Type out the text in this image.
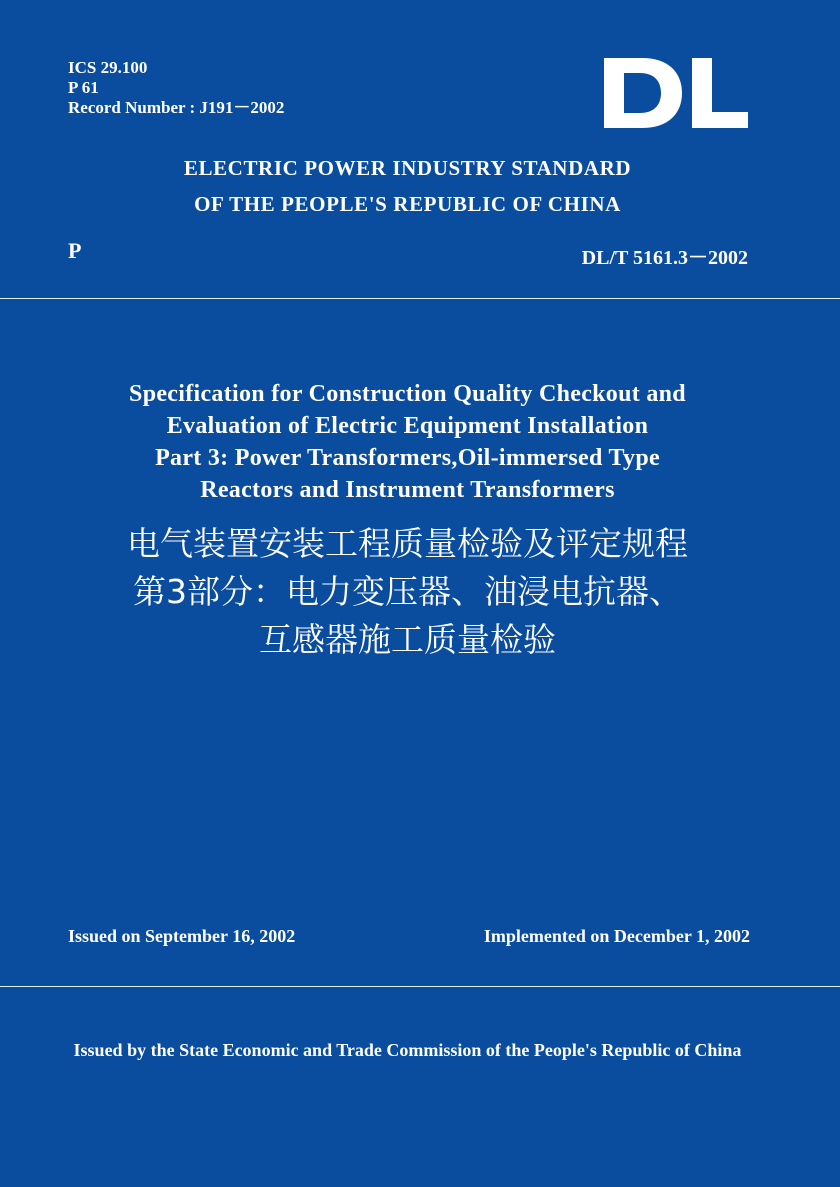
ICS 29.100
P 61
Record Number : J191－2002
ELECTRIC POWER INDUSTRY STANDARD
OF THE PEOPLE'S REPUBLIC OF CHINA
P	DL/T 5161.3－2002
Specification for Construction Quality Checkout and
Evaluation of Electric Equipment Installation
Part 3: Power Transformers,Oil-immersed Type
Reactors and Instrument Transformers
电气装置安装工程质量检验及评定规程
第3部分：电力变压器、油浸电抗器、
互感器施工质量检验
Issued on September 16, 2002	Implemented on December 1, 2002
Issued by the State Economic and Trade Commission of the People's Republic of China
